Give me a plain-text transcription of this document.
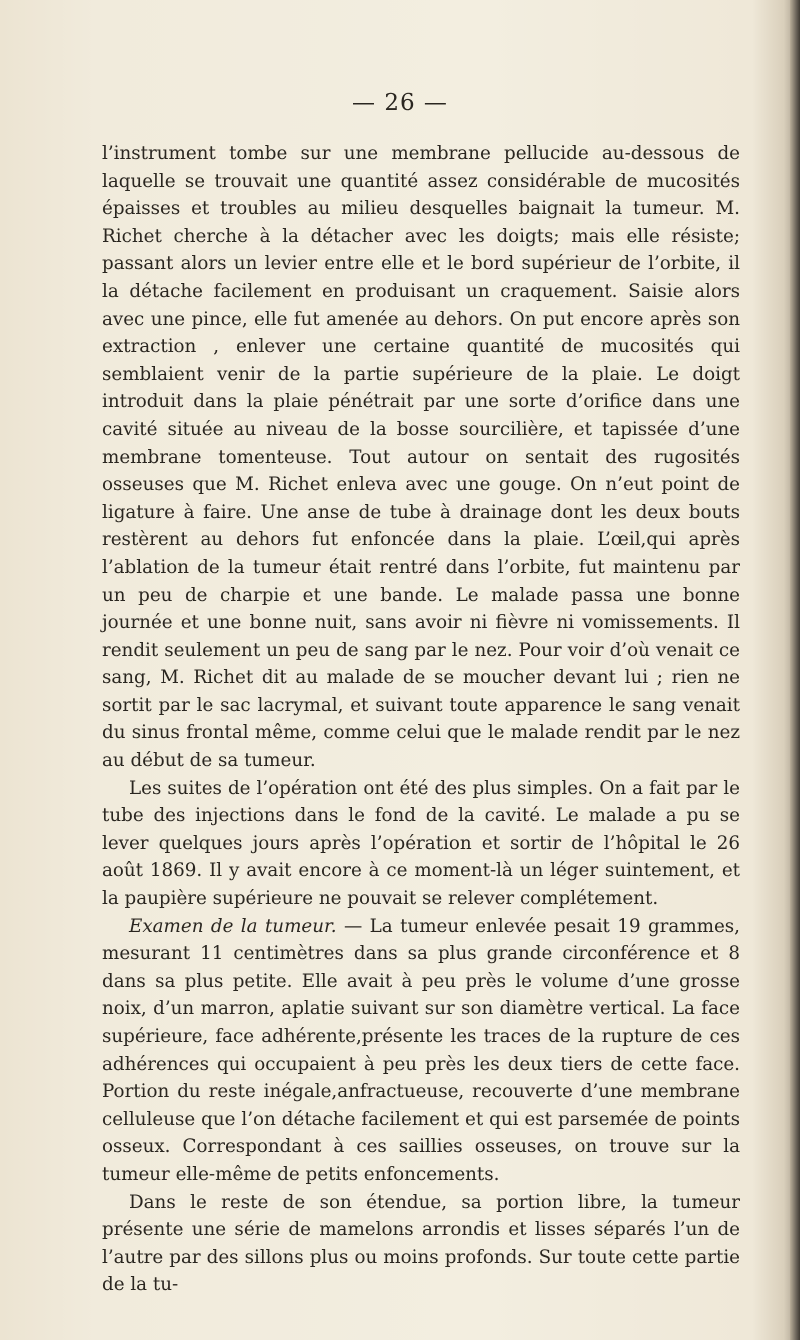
— 26 —

l’instrument tombe sur une membrane pellucide au-dessous de laquelle se trouvait une quantité assez considérable de mucosités épaisses et troubles au milieu desquelles baignait la tumeur. M. Richet cherche à la détacher avec les doigts; mais elle résiste; passant alors un levier entre elle et le bord supérieur de l’orbite, il la détache facilement en produisant un craquement. Saisie alors avec une pince, elle fut amenée au dehors. On put encore après son extraction , enlever une certaine quantité de mucosités qui semblaient venir de la partie supérieure de la plaie. Le doigt introduit dans la plaie pénétrait par une sorte d’orifice dans une cavité située au niveau de la bosse sourcilière, et tapissée d’une membrane tomenteuse. Tout autour on sentait des rugosités osseuses que M. Richet enleva avec une gouge. On n’eut point de ligature à faire. Une anse de tube à drainage dont les deux bouts restèrent au dehors fut enfoncée dans la plaie. L’œil,qui après l’ablation de la tumeur était rentré dans l’orbite, fut maintenu par un peu de charpie et une bande. Le malade passa une bonne journée et une bonne nuit, sans avoir ni fièvre ni vomissements. Il rendit seulement un peu de sang par le nez. Pour voir d’où venait ce sang, M. Richet dit au malade de se moucher devant lui ; rien ne sortit par le sac lacrymal, et suivant toute apparence le sang venait du sinus frontal même, comme celui que le malade rendit par le nez au début de sa tumeur.

Les suites de l’opération ont été des plus simples. On a fait par le tube des injections dans le fond de la cavité. Le malade a pu se lever quelques jours après l’opération et sortir de l’hôpital le 26 août 1869. Il y avait encore à ce moment-là un léger suintement, et la paupière supérieure ne pouvait se relever complétement.

Examen de la tumeur. — La tumeur enlevée pesait 19 grammes, mesurant 11 centimètres dans sa plus grande circonférence et 8 dans sa plus petite. Elle avait à peu près le volume d’une grosse noix, d’un marron, aplatie suivant sur son diamètre vertical. La face supérieure, face adhérente,présente les traces de la rupture de ces adhérences qui occupaient à peu près les deux tiers de cette face. Portion du reste inégale,anfractueuse, recouverte d’une membrane celluleuse que l’on détache facilement et qui est parsemée de points osseux. Correspondant à ces saillies osseuses, on trouve sur la tumeur elle-même de petits enfoncements.

Dans le reste de son étendue, sa portion libre, la tumeur présente une série de mamelons arrondis et lisses séparés l’un de l’autre par des sillons plus ou moins profonds. Sur toute cette partie de la tu-
